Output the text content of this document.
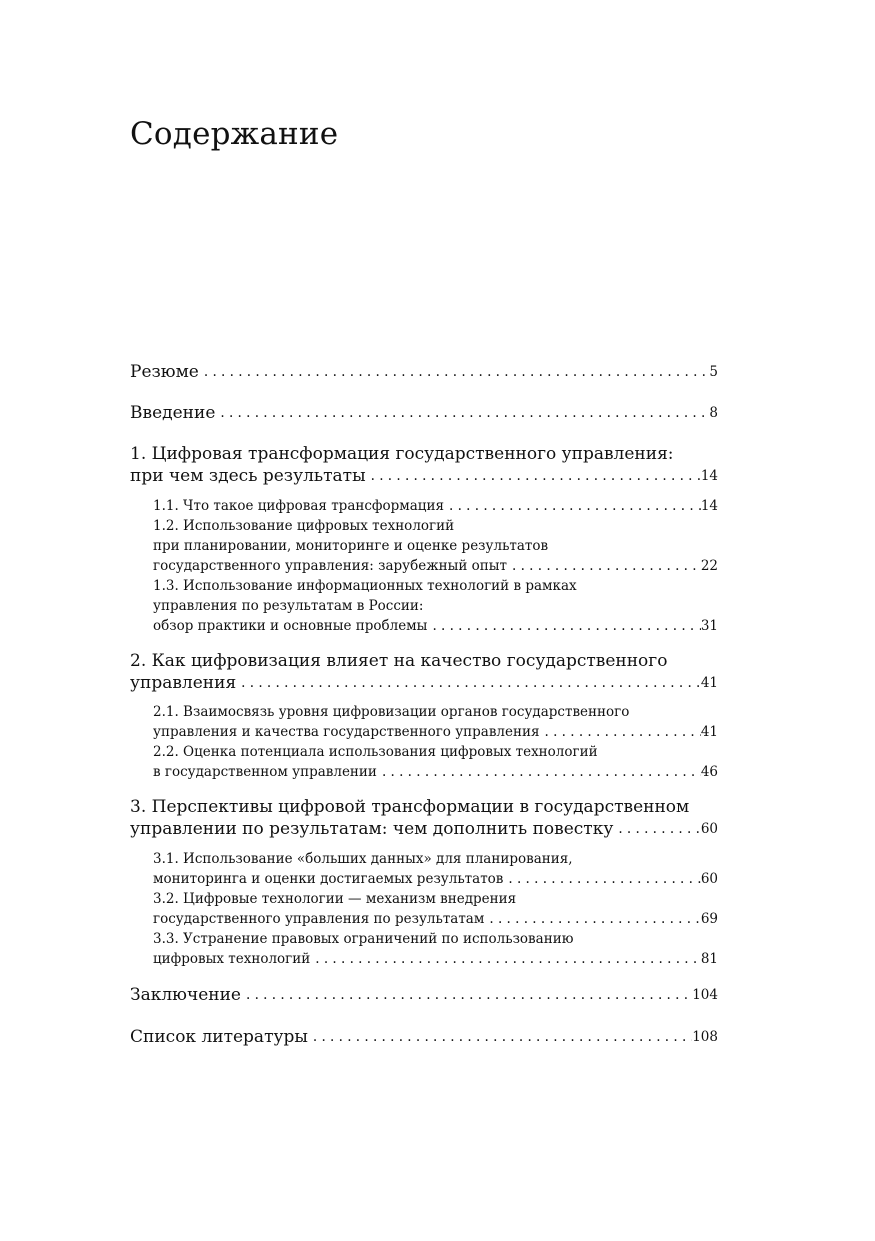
Содержание
Резюме . . .	5
Введение . . .	8
1. Цифровая трансформация государственного управления:
при чем здесь результаты . . .	14
1.1. Что такое цифровая трансформация . . .	14
1.2. Использование цифровых технологий
при планировании, мониторинге и оценке результатов
государственного управления: зарубежный опыт . . .	22
1.3. Использование информационных технологий в рамках
управления по результатам в России:
обзор практики и основные проблемы . . .	31
2. Как цифровизация влияет на качество государственного
управления . . .	41
2.1. Взаимосвязь уровня цифровизации органов государственного
управления и качества государственного управления . . .	41
2.2. Оценка потенциала использования цифровых технологий
в государственном управлении . . .	46
3. Перспективы цифровой трансформации в государственном
управлении по результатам: чем дополнить повестку . . .	60
3.1. Использование «больших данных» для планирования,
мониторинга и оценки достигаемых результатов . . .	60
3.2. Цифровые технологии — механизм внедрения
государственного управления по результатам . . .	69
3.3. Устранение правовых ограничений по использованию
цифровых технологий . . .	81
Заключение . . .	104
Список литературы . . .	108
